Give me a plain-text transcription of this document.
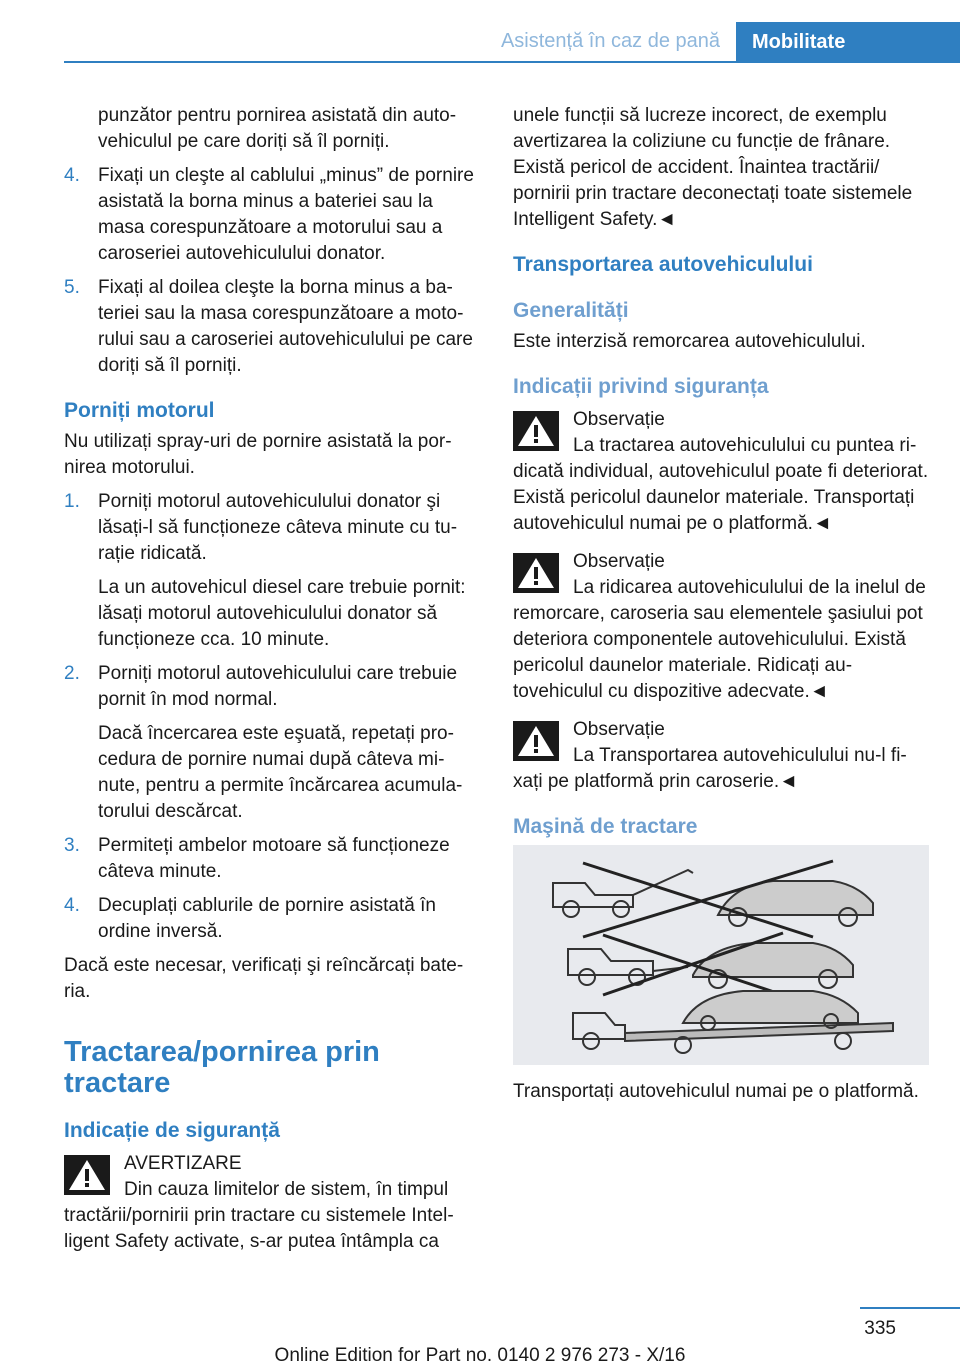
Asistență în caz de pană	Mobilitate

punzător pentru pornirea asistată din autovehiculul pe care doriți să îl porniți.

4. Fixați un cleşte al cablului „minus” de pornire asistată la borna minus a bateriei sau la masa corespunzătoare a motorului sau a caroseriei autovehiculului donator.

5. Fixați al doilea cleşte la borna minus a bateriei sau la masa corespunzătoare a motorului sau a caroseriei autovehiculului pe care doriți să îl porniți.

Porniți motorul

Nu utilizați spray-uri de pornire asistată la pornirea motorului.

1. Porniți motorul autovehiculului donator şi lăsați-l să funcționeze câteva minute cu turație ridicată.

La un autovehicul diesel care trebuie pornit: lăsați motorul autovehiculului donator să funcționeze cca. 10 minute.

2. Porniți motorul autovehiculului care trebuie pornit în mod normal.

Dacă încercarea este eşuată, repetați procedura de pornire numai după câteva minute, pentru a permite încărcarea acumulatorului descărcat.

3. Permiteți ambelor motoare să funcționeze câteva minute.

4. Decuplați cablurile de pornire asistată în ordine inversă.

Dacă este necesar, verificați şi reîncărcați bateria.

Tractarea/pornirea prin tractare
Indicație de siguranță
AVERTIZARE
Din cauza limitelor de sistem, în timpul tractării/pornirii prin tractare cu sistemele Intelligent Safety activate, s-ar putea întâmpla ca

unele funcții să lucreze incorect, de exemplu avertizarea la coliziune cu funcție de frânare. Există pericol de accident. Înaintea tractării/ pornirii prin tractare deconectați toate sistemele Intelligent Safety.◄

Transportarea autovehiculului
Generalități

Este interzisă remorcarea autovehiculului.

Indicații privind siguranța
Observație
La tractarea autovehiculului cu puntea ridicată individual, autovehiculul poate fi deteriorat. Există pericolul daunelor materiale. Transportați autovehiculul numai pe o platformă.◄
Observație
La ridicarea autovehiculului de la inelul de remorcare, caroseria sau elementele şasiului pot deteriora componentele autovehiculului. Există pericolul daunelor materiale. Ridicați autovehiculul cu dispozitive adecvate.◄
Observație
La Transportarea autovehiculului nu-l fixați pe platformă prin caroserie.◄
Maşină de tractare

Transportați autovehiculul numai pe o platformă.

335
Online Edition for Part no. 0140 2 976 273 - X/16
